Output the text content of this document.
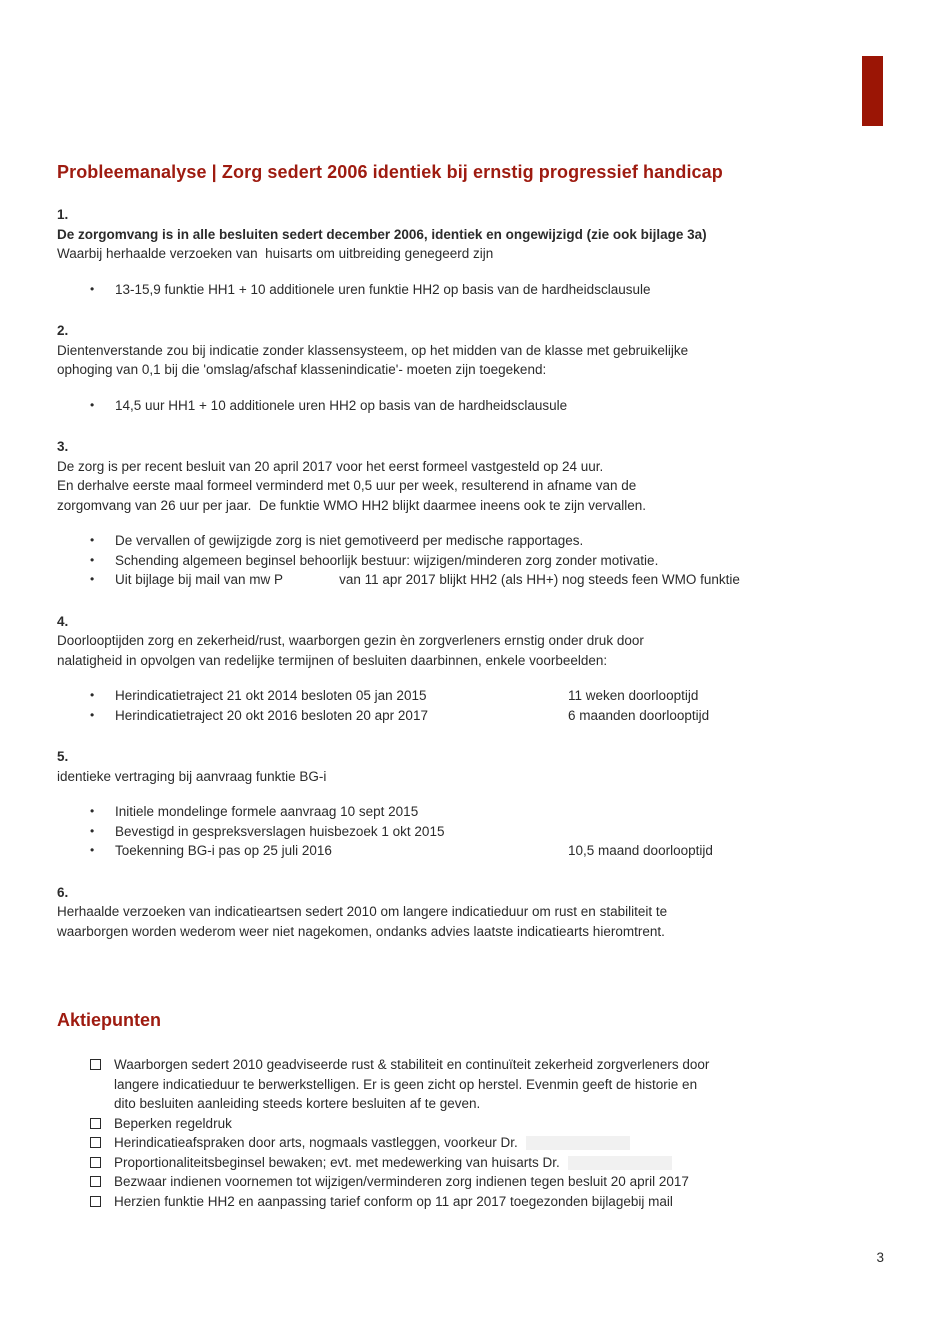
Probleemanalyse | Zorg sedert 2006 identiek bij ernstig progressief handicap
1.
De zorgomvang is in alle besluiten sedert december 2006, identiek en ongewijzigd (zie ook bijlage 3a)
Waarbij herhaalde verzoeken van  huisarts om uitbreiding genegeerd zijn
•	13-15,9 funktie HH1 + 10 additionele uren funktie HH2 op basis van de hardheidsclausule
2.
Dientenverstande zou bij indicatie zonder klassensysteem, op het midden van de klasse met gebruikelijke
ophoging van 0,1 bij die 'omslag/afschaf klassenindicatie'- moeten zijn toegekend:
•	14,5 uur HH1 + 10 additionele uren HH2 op basis van de hardheidsclausule
3.
De zorg is per recent besluit van 20 april 2017 voor het eerst formeel vastgesteld op 24 uur.
En derhalve eerste maal formeel verminderd met 0,5 uur per week, resulterend in afname van de
zorgomvang van 26 uur per jaar.  De funktie WMO HH2 blijkt daarmee ineens ook te zijn vervallen.
•	De vervallen of gewijzigde zorg is niet gemotiveerd per medische rapportages.
•	Schending algemeen beginsel behoorlijk bestuur: wijzigen/minderen zorg zonder motivatie.
•	Uit bijlage bij mail van mw P	van 11 apr 2017 blijkt HH2 (als HH+) nog steeds feen WMO funktie
4.
Doorlooptijden zorg en zekerheid/rust, waarborgen gezin èn zorgverleners ernstig onder druk door
nalatigheid in opvolgen van redelijke termijnen of besluiten daarbinnen, enkele voorbeelden:
•	Herindicatietraject 21 okt 2014 besloten 05 jan 2015	11 weken doorlooptijd
•	Herindicatietraject 20 okt 2016 besloten 20 apr 2017	6 maanden doorlooptijd
5.
identieke vertraging bij aanvraag funktie BG-i
•	Initiele mondelinge formele aanvraag 10 sept 2015
•	Bevestigd in gespreksverslagen huisbezoek 1 okt 2015
•	Toekenning BG-i pas op 25 juli 2016	10,5 maand doorlooptijd
6.
Herhaalde verzoeken van indicatieartsen sedert 2010 om langere indicatieduur om rust en stabiliteit te
waarborgen worden wederom weer niet nagekomen, ondanks advies laatste indicatiearts hieromtrent.
Aktiepunten
Waarborgen sedert 2010 geadviseerde rust & stabiliteit en continuïteit zekerheid zorgverleners door
langere indicatieduur te berwerkstelligen. Er is geen zicht op herstel. Evenmin geeft de historie en
dito besluiten aanleiding steeds kortere besluiten af te geven.
Beperken regeldruk
Herindicatieafspraken door arts, nogmaals vastleggen, voorkeur Dr.
Proportionaliteitsbeginsel bewaken; evt. met medewerking van huisarts Dr.
Bezwaar indienen voornemen tot wijzigen/verminderen zorg indienen tegen besluit 20 april 2017
Herzien funktie HH2 en aanpassing tarief conform op 11 apr 2017 toegezonden bijlagebij mail
3
